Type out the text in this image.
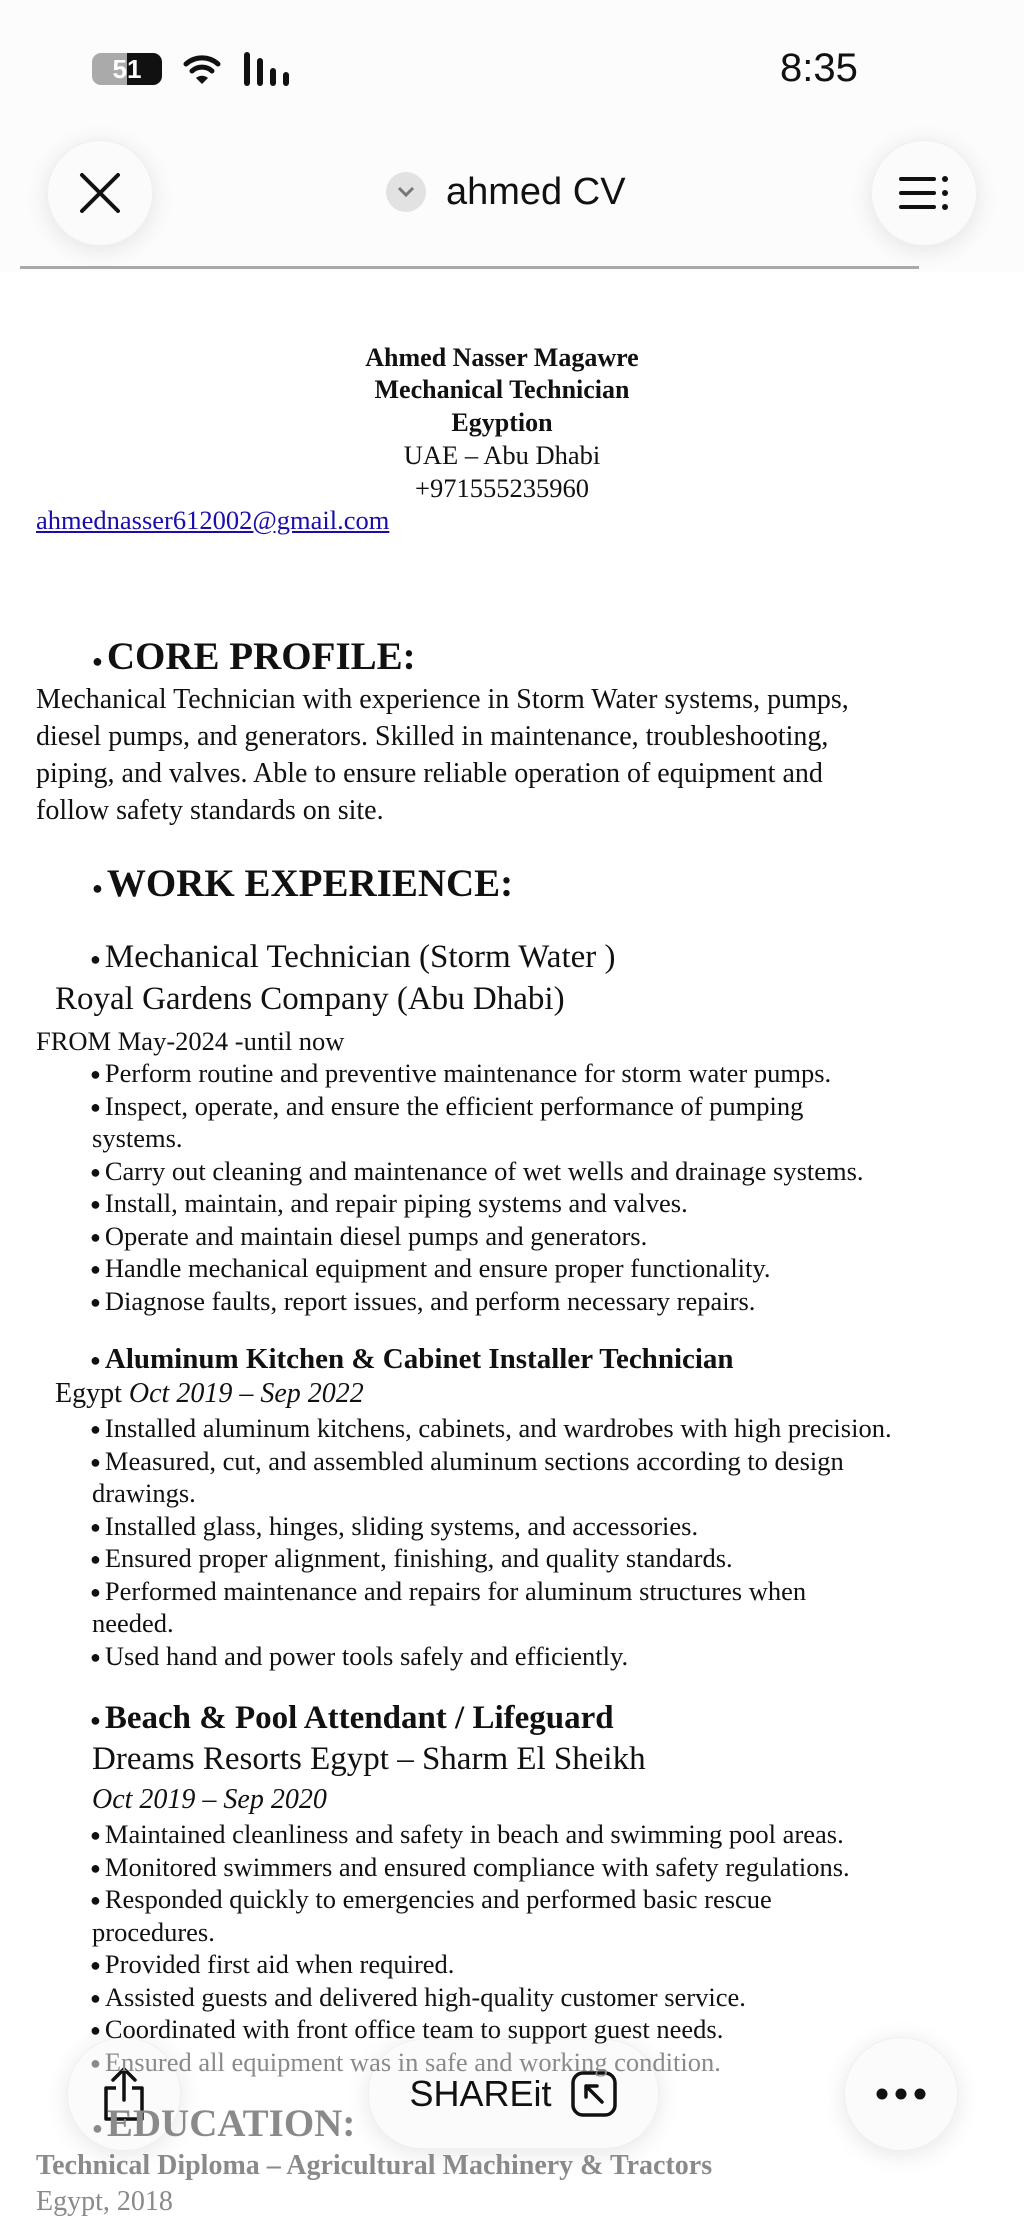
51	8:35
ahmed CV
Ahmed Nasser Magawre
Mechanical Technician
Egyption
UAE – Abu Dhabi
+971555235960
ahmednasser612002@gmail.com
● CORE PROFILE:
Mechanical Technician with experience in Storm Water systems, pumps,
diesel pumps, and generators. Skilled in maintenance, troubleshooting,
piping, and valves. Able to ensure reliable operation of equipment and
follow safety standards on site.
● WORK EXPERIENCE:
● Mechanical Technician (Storm Water )
Royal Gardens Company (Abu Dhabi)
FROM May-2024 -until now
● Perform routine and preventive maintenance for storm water pumps.
● Inspect, operate, and ensure the efficient performance of pumping
systems.
● Carry out cleaning and maintenance of wet wells and drainage systems.
● Install, maintain, and repair piping systems and valves.
● Operate and maintain diesel pumps and generators.
● Handle mechanical equipment and ensure proper functionality.
● Diagnose faults, report issues, and perform necessary repairs.
● Aluminum Kitchen & Cabinet Installer Technician
Egypt Oct 2019 – Sep 2022
● Installed aluminum kitchens, cabinets, and wardrobes with high precision.
● Measured, cut, and assembled aluminum sections according to design
drawings.
● Installed glass, hinges, sliding systems, and accessories.
● Ensured proper alignment, finishing, and quality standards.
● Performed maintenance and repairs for aluminum structures when
needed.
● Used hand and power tools safely and efficiently.
● Beach & Pool Attendant / Lifeguard
Dreams Resorts Egypt – Sharm El Sheikh
Oct 2019 – Sep 2020
● Maintained cleanliness and safety in beach and swimming pool areas.
● Monitored swimmers and ensured compliance with safety regulations.
● Responded quickly to emergencies and performed basic rescue
procedures.
● Provided first aid when required.
● Assisted guests and delivered high-quality customer service.
● Coordinated with front office team to support guest needs.
● Ensured all equipment was in safe and working condition.
● EDUCATION:
Technical Diploma – Agricultural Machinery & Tractors
Egypt, 2018
SHAREit
